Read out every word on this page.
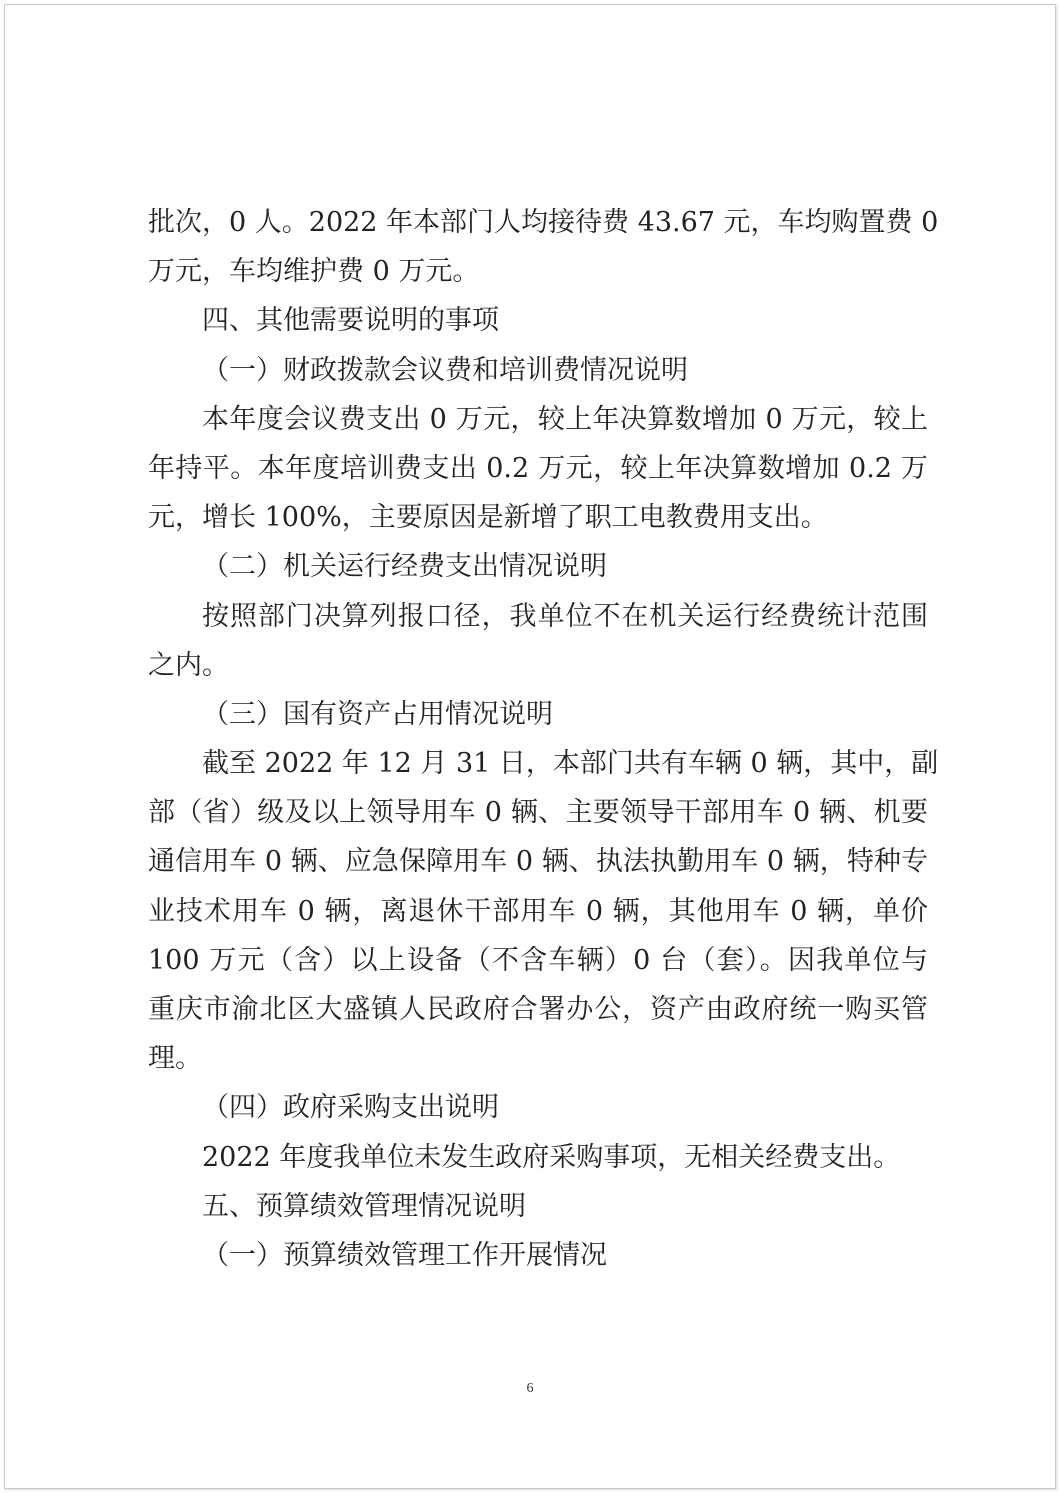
批次，0 人。2022 年本部门人均接待费 43.67 元，车均购置费 0
万元，车均维护费 0 万元。
四、其他需要说明的事项
（一）财政拨款会议费和培训费情况说明
本年度会议费支出 0 万元，较上年决算数增加 0 万元，较上
年持平。本年度培训费支出 0.2 万元，较上年决算数增加 0.2 万
元，增长 100%，主要原因是新增了职工电教费用支出。
（二）机关运行经费支出情况说明
按照部门决算列报口径，我单位不在机关运行经费统计范围
之内。
（三）国有资产占用情况说明
截至 2022 年 12 月 31 日，本部门共有车辆 0 辆，其中，副
部（省）级及以上领导用车 0 辆、主要领导干部用车 0 辆、机要
通信用车 0 辆、应急保障用车 0 辆、执法执勤用车 0 辆，特种专
业技术用车 0 辆，离退休干部用车 0 辆，其他用车 0 辆，单价
100 万元（含）以上设备（不含车辆）0 台（套）。因我单位与
重庆市渝北区大盛镇人民政府合署办公，资产由政府统一购买管
理。
（四）政府采购支出说明
2022 年度我单位未发生政府采购事项，无相关经费支出。
五、预算绩效管理情况说明
（一）预算绩效管理工作开展情况
6
